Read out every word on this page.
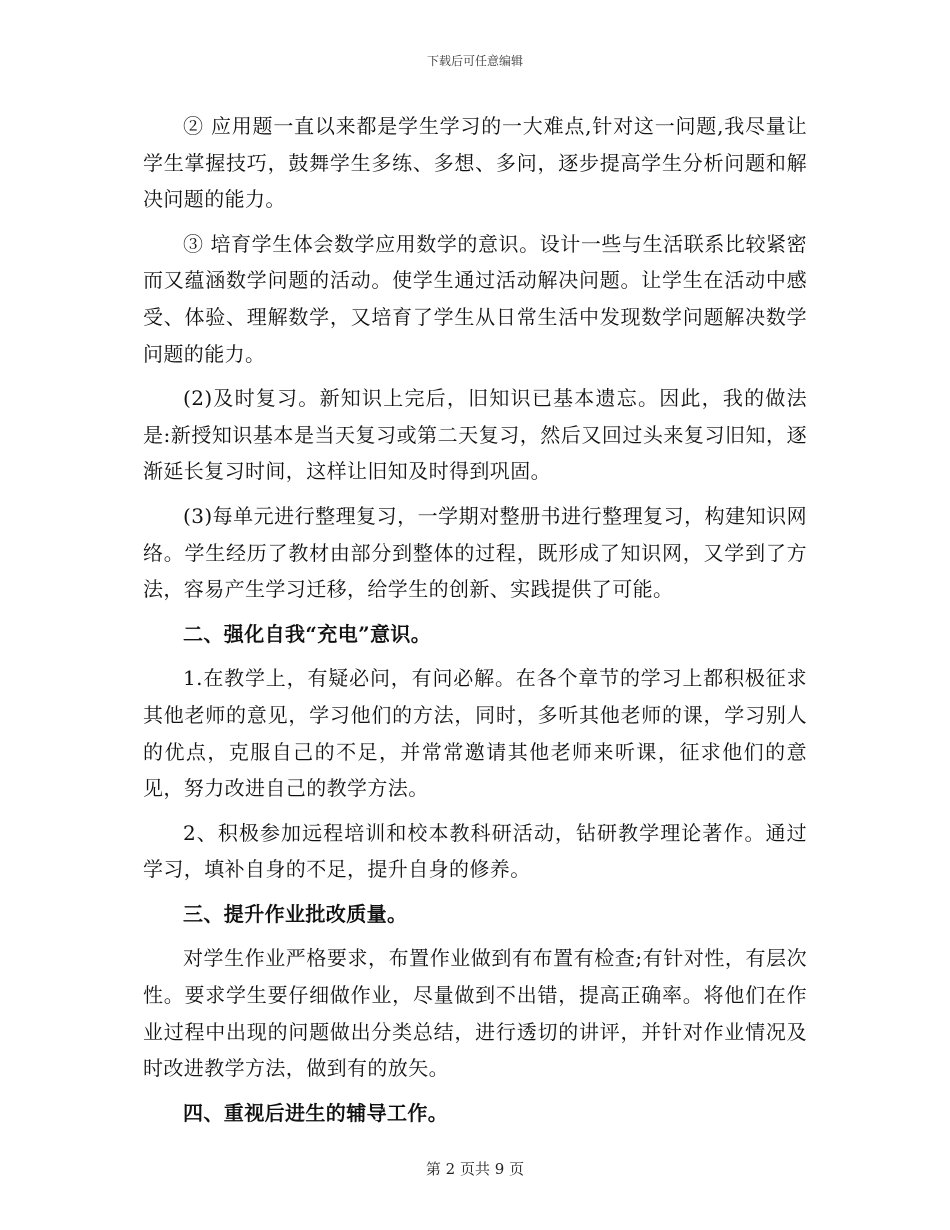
下载后可任意编辑

② 应用题一直以来都是学生学习的一大难点,针对这一问题,我尽量让学生掌握技巧，鼓舞学生多练、多想、多问，逐步提高学生分析问题和解决问题的能力。

③ 培育学生体会数学应用数学的意识。设计一些与生活联系比较紧密而又蕴涵数学问题的活动。使学生通过活动解决问题。让学生在活动中感受、体验、理解数学，又培育了学生从日常生活中发现数学问题解决数学问题的能力。

(2)及时复习。新知识上完后，旧知识已基本遗忘。因此，我的做法是:新授知识基本是当天复习或第二天复习，然后又回过头来复习旧知，逐渐延长复习时间，这样让旧知及时得到巩固。

(3)每单元进行整理复习，一学期对整册书进行整理复习，构建知识网络。学生经历了教材由部分到整体的过程，既形成了知识网，又学到了方法，容易产生学习迁移，给学生的创新、实践提供了可能。

二、强化自我“充电”意识。

1.在教学上，有疑必问，有问必解。在各个章节的学习上都积极征求其他老师的意见，学习他们的方法，同时，多听其他老师的课，学习别人的优点，克服自己的不足，并常常邀请其他老师来听课，征求他们的意见，努力改进自己的教学方法。

2、积极参加远程培训和校本教科研活动，钻研教学理论著作。通过学习，填补自身的不足，提升自身的修养。

三、提升作业批改质量。

对学生作业严格要求，布置作业做到有布置有检查;有针对性，有层次性。要求学生要仔细做作业，尽量做到不出错，提高正确率。将他们在作业过程中出现的问题做出分类总结，进行透切的讲评，并针对作业情况及时改进教学方法，做到有的放矢。

四、重视后进生的辅导工作。

第 2 页共 9 页
